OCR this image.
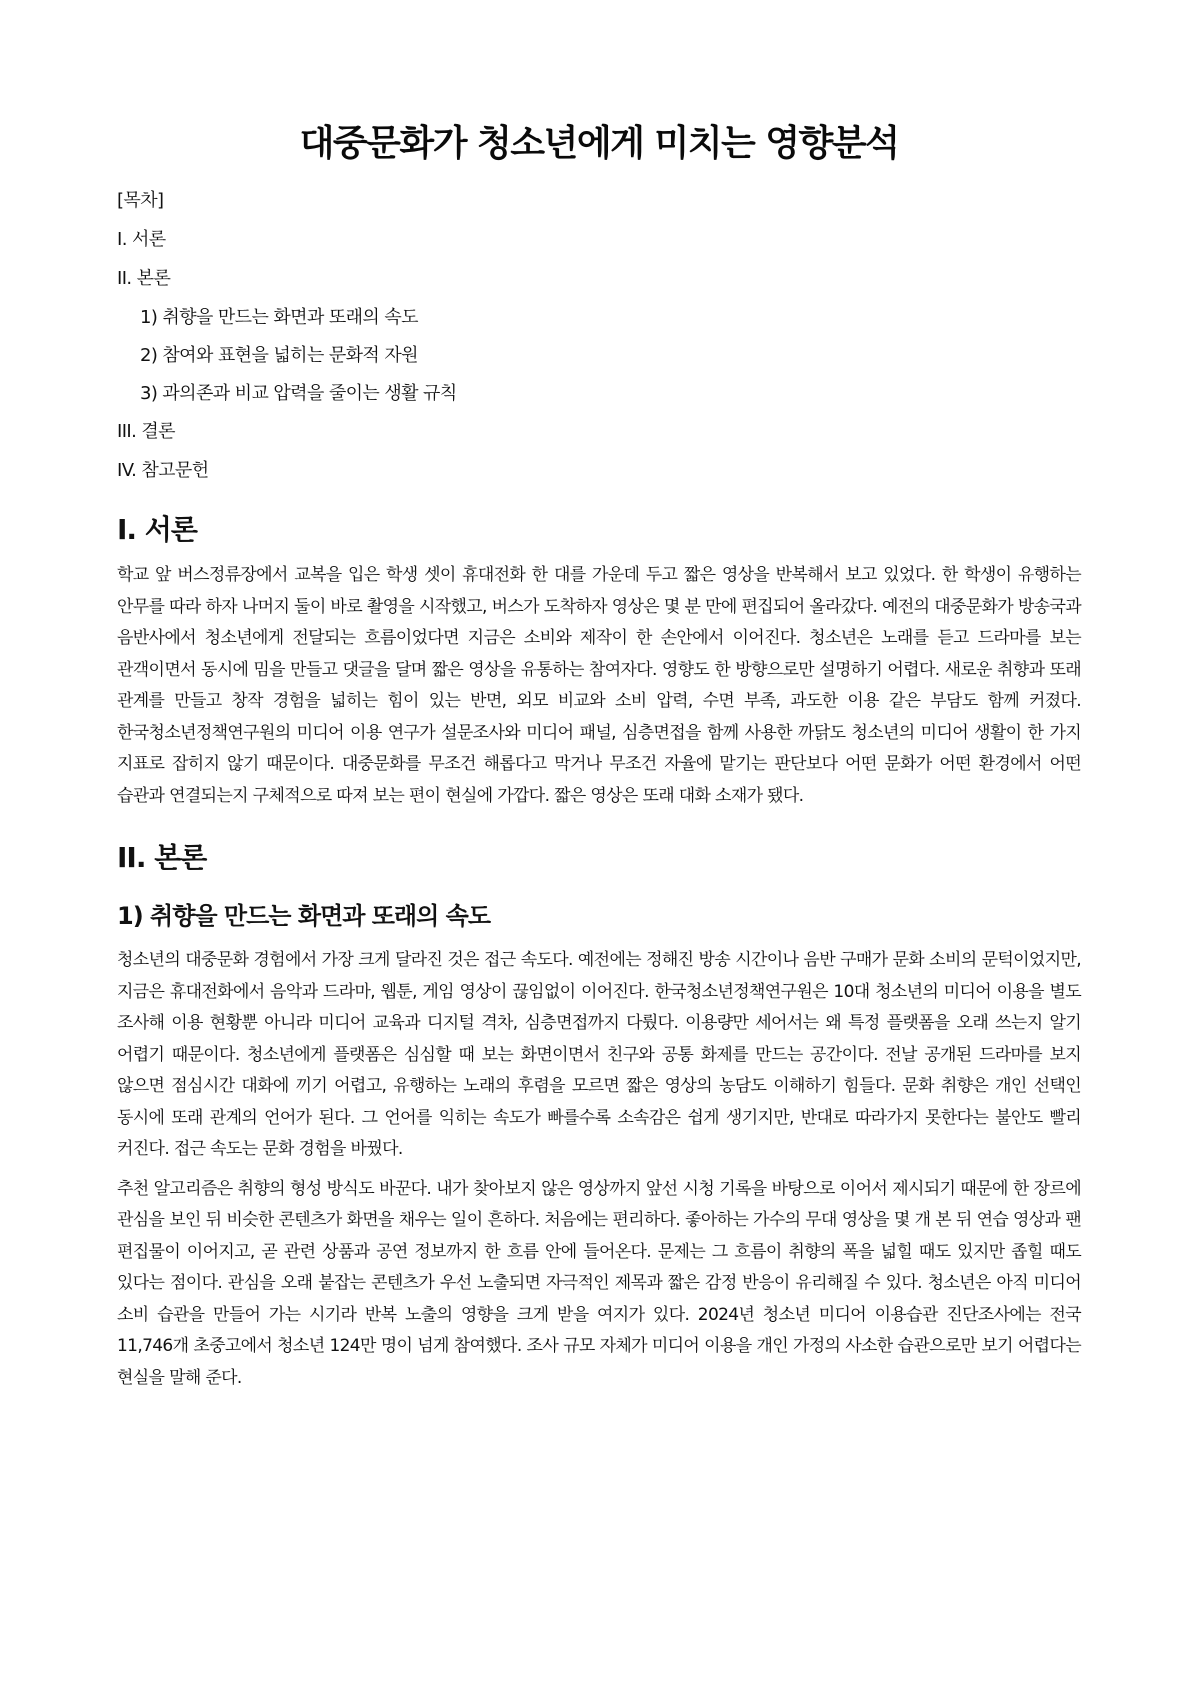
대중문화가 청소년에게 미치는 영향분석
[목차]
I. 서론
II. 본론
1) 취향을 만드는 화면과 또래의 속도
2) 참여와 표현을 넓히는 문화적 자원
3) 과의존과 비교 압력을 줄이는 생활 규칙
III. 결론
IV. 참고문헌
I. 서론

학교 앞 버스정류장에서 교복을 입은 학생 셋이 휴대전화 한 대를 가운데 두고 짧은 영상을 반복해서 보고 있었다. 한 학생이 유행하는 안무를 따라 하자 나머지 둘이 바로 촬영을 시작했고, 버스가 도착하자 영상은 몇 분 만에 편집되어 올라갔다. 예전의 대중문화가 방송국과 음반사에서 청소년에게 전달되는 흐름이었다면 지금은 소비와 제작이 한 손안에서 이어진다. 청소년은 노래를 듣고 드라마를 보는 관객이면서 동시에 밈을 만들고 댓글을 달며 짧은 영상을 유통하는 참여자다. 영향도 한 방향으로만 설명하기 어렵다. 새로운 취향과 또래 관계를 만들고 창작 경험을 넓히는 힘이 있는 반면, 외모 비교와 소비 압력, 수면 부족, 과도한 이용 같은 부담도 함께 커졌다. 한국청소년정책연구원의 미디어 이용 연구가 설문조사와 미디어 패널, 심층면접을 함께 사용한 까닭도 청소년의 미디어 생활이 한 가지 지표로 잡히지 않기 때문이다. 대중문화를 무조건 해롭다고 막거나 무조건 자율에 맡기는 판단보다 어떤 문화가 어떤 환경에서 어떤 습관과 연결되는지 구체적으로 따져 보는 편이 현실에 가깝다. 짧은 영상은 또래 대화 소재가 됐다.

II. 본론
1) 취향을 만드는 화면과 또래의 속도

청소년의 대중문화 경험에서 가장 크게 달라진 것은 접근 속도다. 예전에는 정해진 방송 시간이나 음반 구매가 문화 소비의 문턱이었지만, 지금은 휴대전화에서 음악과 드라마, 웹툰, 게임 영상이 끊임없이 이어진다. 한국청소년정책연구원은 10대 청소년의 미디어 이용을 별도 조사해 이용 현황뿐 아니라 미디어 교육과 디지털 격차, 심층면접까지 다뤘다. 이용량만 세어서는 왜 특정 플랫폼을 오래 쓰는지 알기 어렵기 때문이다. 청소년에게 플랫폼은 심심할 때 보는 화면이면서 친구와 공통 화제를 만드는 공간이다. 전날 공개된 드라마를 보지 않으면 점심시간 대화에 끼기 어렵고, 유행하는 노래의 후렴을 모르면 짧은 영상의 농담도 이해하기 힘들다. 문화 취향은 개인 선택인 동시에 또래 관계의 언어가 된다. 그 언어를 익히는 속도가 빠를수록 소속감은 쉽게 생기지만, 반대로 따라가지 못한다는 불안도 빨리 커진다. 접근 속도는 문화 경험을 바꿨다.

추천 알고리즘은 취향의 형성 방식도 바꾼다. 내가 찾아보지 않은 영상까지 앞선 시청 기록을 바탕으로 이어서 제시되기 때문에 한 장르에 관심을 보인 뒤 비슷한 콘텐츠가 화면을 채우는 일이 흔하다. 처음에는 편리하다. 좋아하는 가수의 무대 영상을 몇 개 본 뒤 연습 영상과 팬 편집물이 이어지고, 곧 관련 상품과 공연 정보까지 한 흐름 안에 들어온다. 문제는 그 흐름이 취향의 폭을 넓힐 때도 있지만 좁힐 때도 있다는 점이다. 관심을 오래 붙잡는 콘텐츠가 우선 노출되면 자극적인 제목과 짧은 감정 반응이 유리해질 수 있다. 청소년은 아직 미디어 소비 습관을 만들어 가는 시기라 반복 노출의 영향을 크게 받을 여지가 있다. 2024년 청소년 미디어 이용습관 진단조사에는 전국 11,746개 초중고에서 청소년 124만 명이 넘게 참여했다. 조사 규모 자체가 미디어 이용을 개인 가정의 사소한 습관으로만 보기 어렵다는 현실을 말해 준다.
